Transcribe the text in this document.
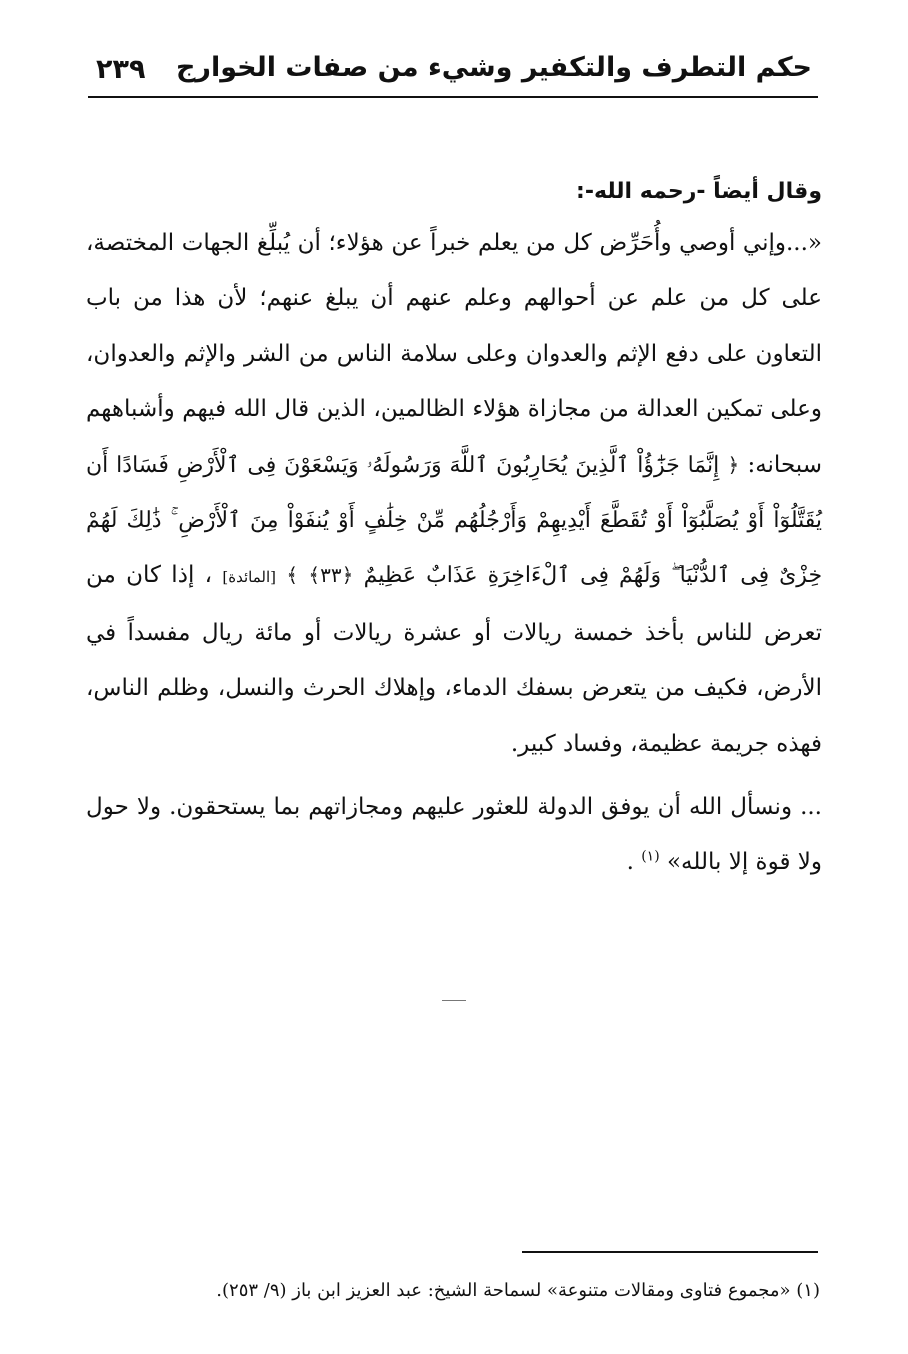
٢٣٩ حكم التطرف والتكفير وشيء من صفات الخوارج

وقال أيضاً -رحمه الله-:

«...وإني أوصي وأُحَرِّض كل من يعلم خبراً عن هؤلاء؛ أن يُبلِّغ الجهات المختصة، على كل من علم عن أحوالهم وعلم عنهم أن يبلغ عنهم؛ لأن هذا من باب التعاون على دفع الإثم والعدوان وعلى سلامة الناس من الشر والإثم والعدوان، وعلى تمكين العدالة من مجازاة هؤلاء الظالمين، الذين قال الله فيهم وأشباههم سبحانه: ﴿ إِنَّمَا جَزَٰٓؤُاْ ٱلَّذِينَ يُحَارِبُونَ ٱللَّهَ وَرَسُولَهُۥ وَيَسْعَوْنَ فِى ٱلْأَرْضِ فَسَادًا أَن يُقَتَّلُوٓاْ أَوْ يُصَلَّبُوٓاْ أَوْ تُقَطَّعَ أَيْدِيهِمْ وَأَرْجُلُهُم مِّنْ خِلَٰفٍ أَوْ يُنفَوْاْ مِنَ ٱلْأَرْضِ ۚ ذَٰلِكَ لَهُمْ خِزْىٌ فِى ٱلدُّنْيَا ۖ وَلَهُمْ فِى ٱلْءَاخِرَةِ عَذَابٌ عَظِيمٌ ﴿٣٣﴾ ﴾ [المائدة] ، إذا كان من تعرض للناس بأخذ خمسة ريالات أو عشرة ريالات أو مائة ريال مفسداً في الأرض، فكيف من يتعرض بسفك الدماء، وإهلاك الحرث والنسل، وظلم الناس، فهذه جريمة عظيمة، وفساد كبير.

... ونسأل الله أن يوفق الدولة للعثور عليهم ومجازاتهم بما يستحقون. ولا حول ولا قوة إلا بالله» $^{(١)}$ .

(١) «مجموع فتاوى ومقالات متنوعة» لسماحة الشيخ: عبد العزيز ابن باز (٩/ ٢٥٣).
